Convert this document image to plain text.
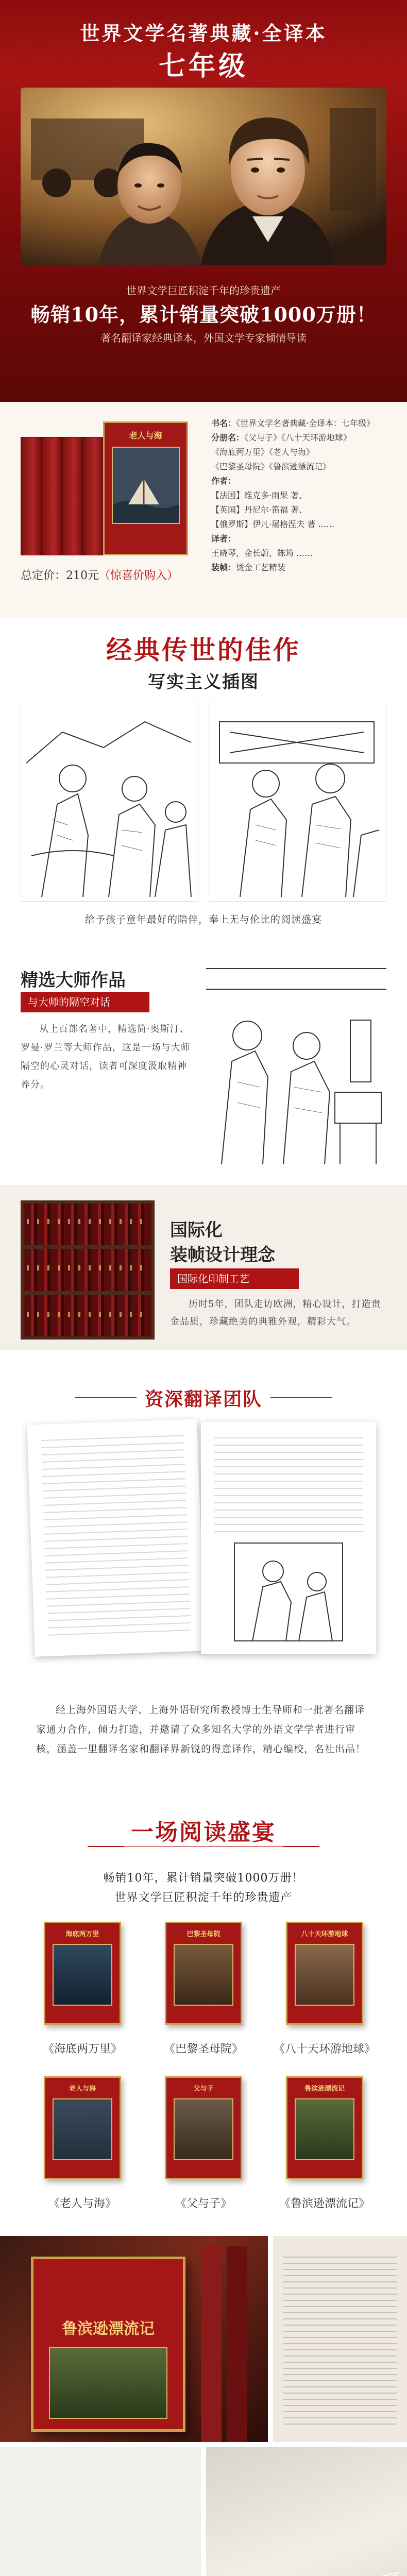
世界文学名著典藏·全译本
七年级
世界文学巨匠积淀千年的珍贵遗产
畅销10年，累计销量突破1000万册！
著名翻译家经典译本，外国文学专家倾情导读
老人与海
总定价：210元（惊喜价购入）
书名：《世界文学名著典藏·全译本：七年级》
分册名：《父与子》《八十天环游地球》
《海底两万里》《老人与海》
《巴黎圣母院》《鲁滨逊漂流记》
作者：
【法国】维克多·雨果 著、
【英国】丹尼尔·笛福 著、
【俄罗斯】伊凡·屠格涅夫 著 ……
译者：
王晓琴，金长蔚，陈筠 ……
装帧：烫金工艺精装
经典传世的佳作
写实主义插图
给予孩子童年最好的陪伴，奉上无与伦比的阅读盛宴
精选大师作品
与大师的隔空对话
从上百部名著中，精选简·奥斯汀、罗曼·罗兰等大师作品，这是一场与大师隔空的心灵对话，读者可深度汲取精神养分。
国际化
装帧设计理念
国际化印制工艺
历时5年，团队走访欧洲，精心设计，打造贵金品质，珍藏绝美的典雅外观，精彩大气。
资深翻译团队
经上海外国语大学、上海外语研究所教授博士生导师和一批著名翻译家通力合作，倾力打造，并邀请了众多知名大学的外语文学学者进行审核，涵盖一里翻译名家和翻译界新锐的得意译作，精心编校，名社出品！
一场阅读盛宴
畅销10年，累计销量突破1000万册！
世界文学巨匠积淀千年的珍贵遗产
海底两万里
《海底两万里》
巴黎圣母院
《巴黎圣母院》
八十天环游地球
《八十天环游地球》
老人与海
《老人与海》
父与子
《父与子》
鲁滨逊漂流记
《鲁滨逊漂流记》
鲁滨逊漂流记
